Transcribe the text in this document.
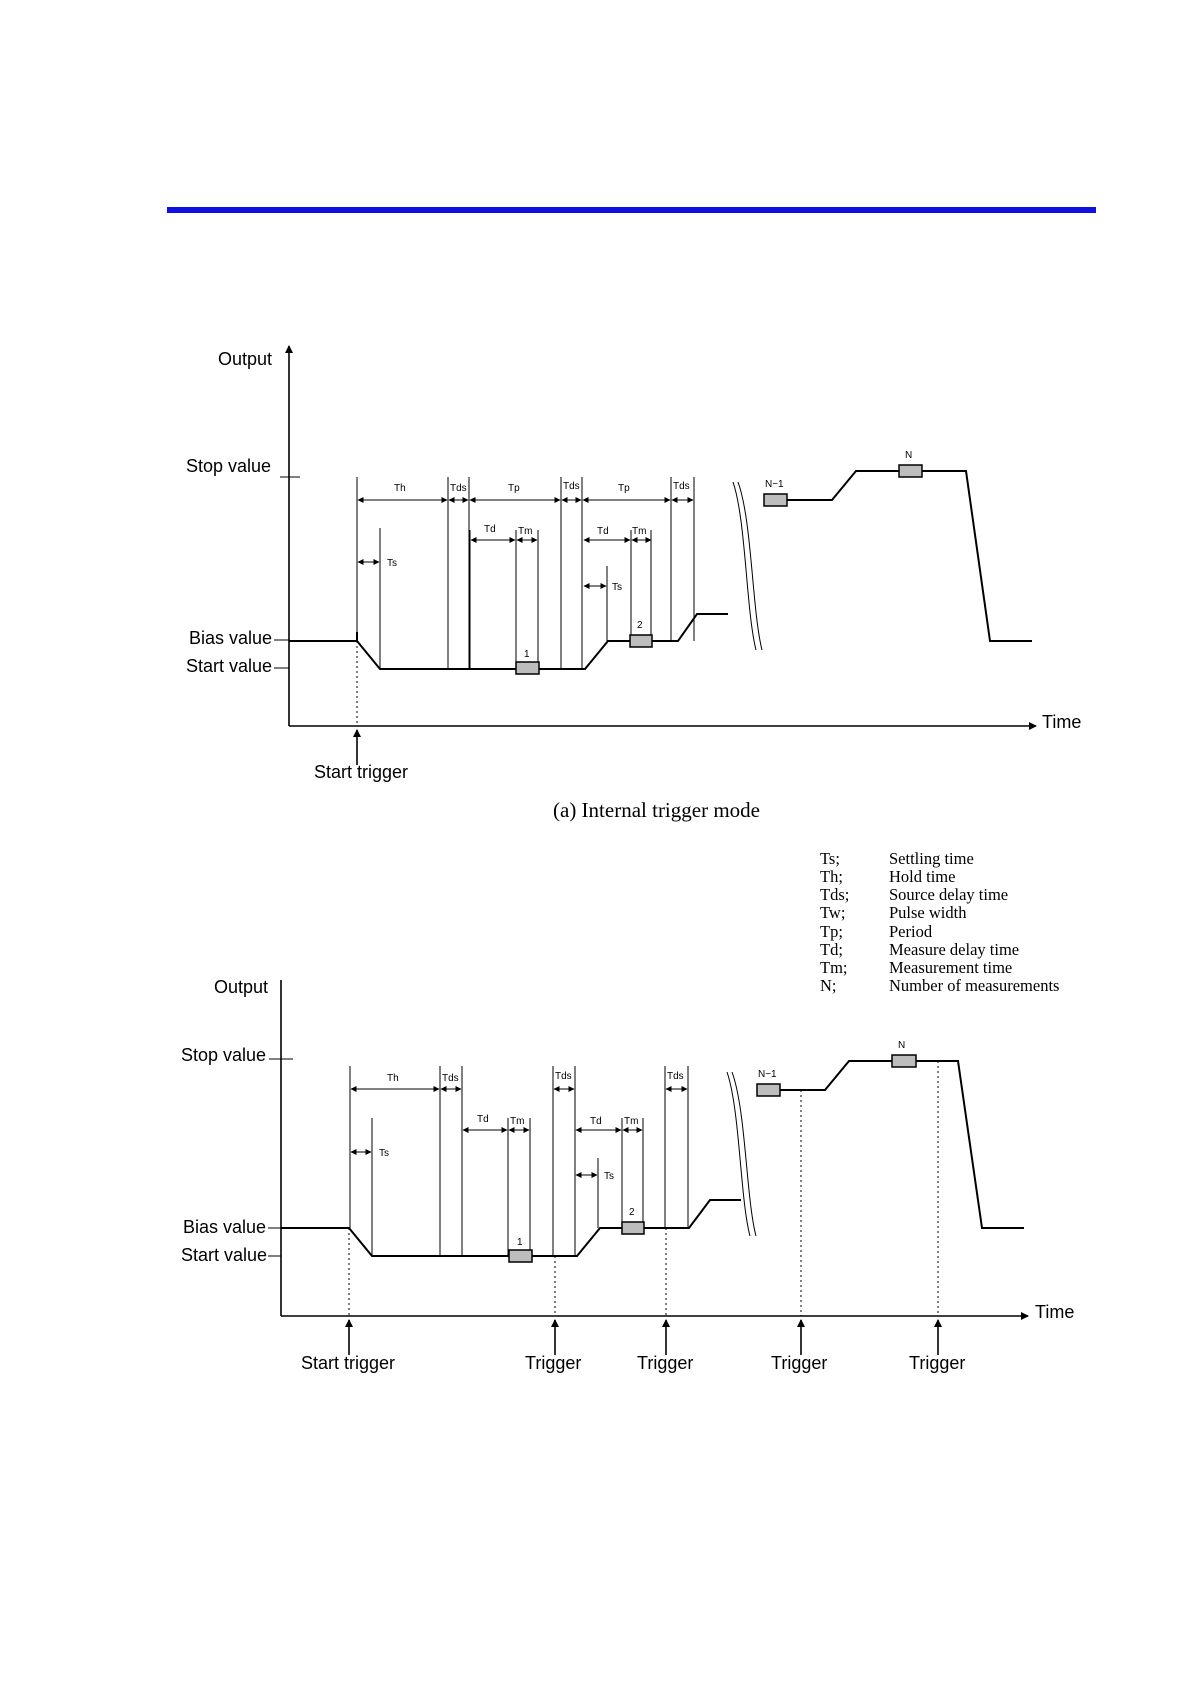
Output
Time
Stop value
Bias value
Start value
Th	Tds	Tp	Tds	Tp	Tds
Td Tm	Td Tm
Ts
Ts
1
2
N−1
N
Start trigger
(a) Internal trigger mode
Ts;	Settling time
Th;	Hold time
Tds; Source delay time
Tw;	Pulse width
Tp;	Period
Td;	Measure delay time
Tm;	Measurement time
N;	Number of measurements
Output
Time
Stop value
Bias value
Start value
Th	Tds	Tds	Tds
Td Tm	Td Tm
Ts
Ts
1
2
N−1
N
Start trigger	Trigger	Trigger	Trigger	Trigger
